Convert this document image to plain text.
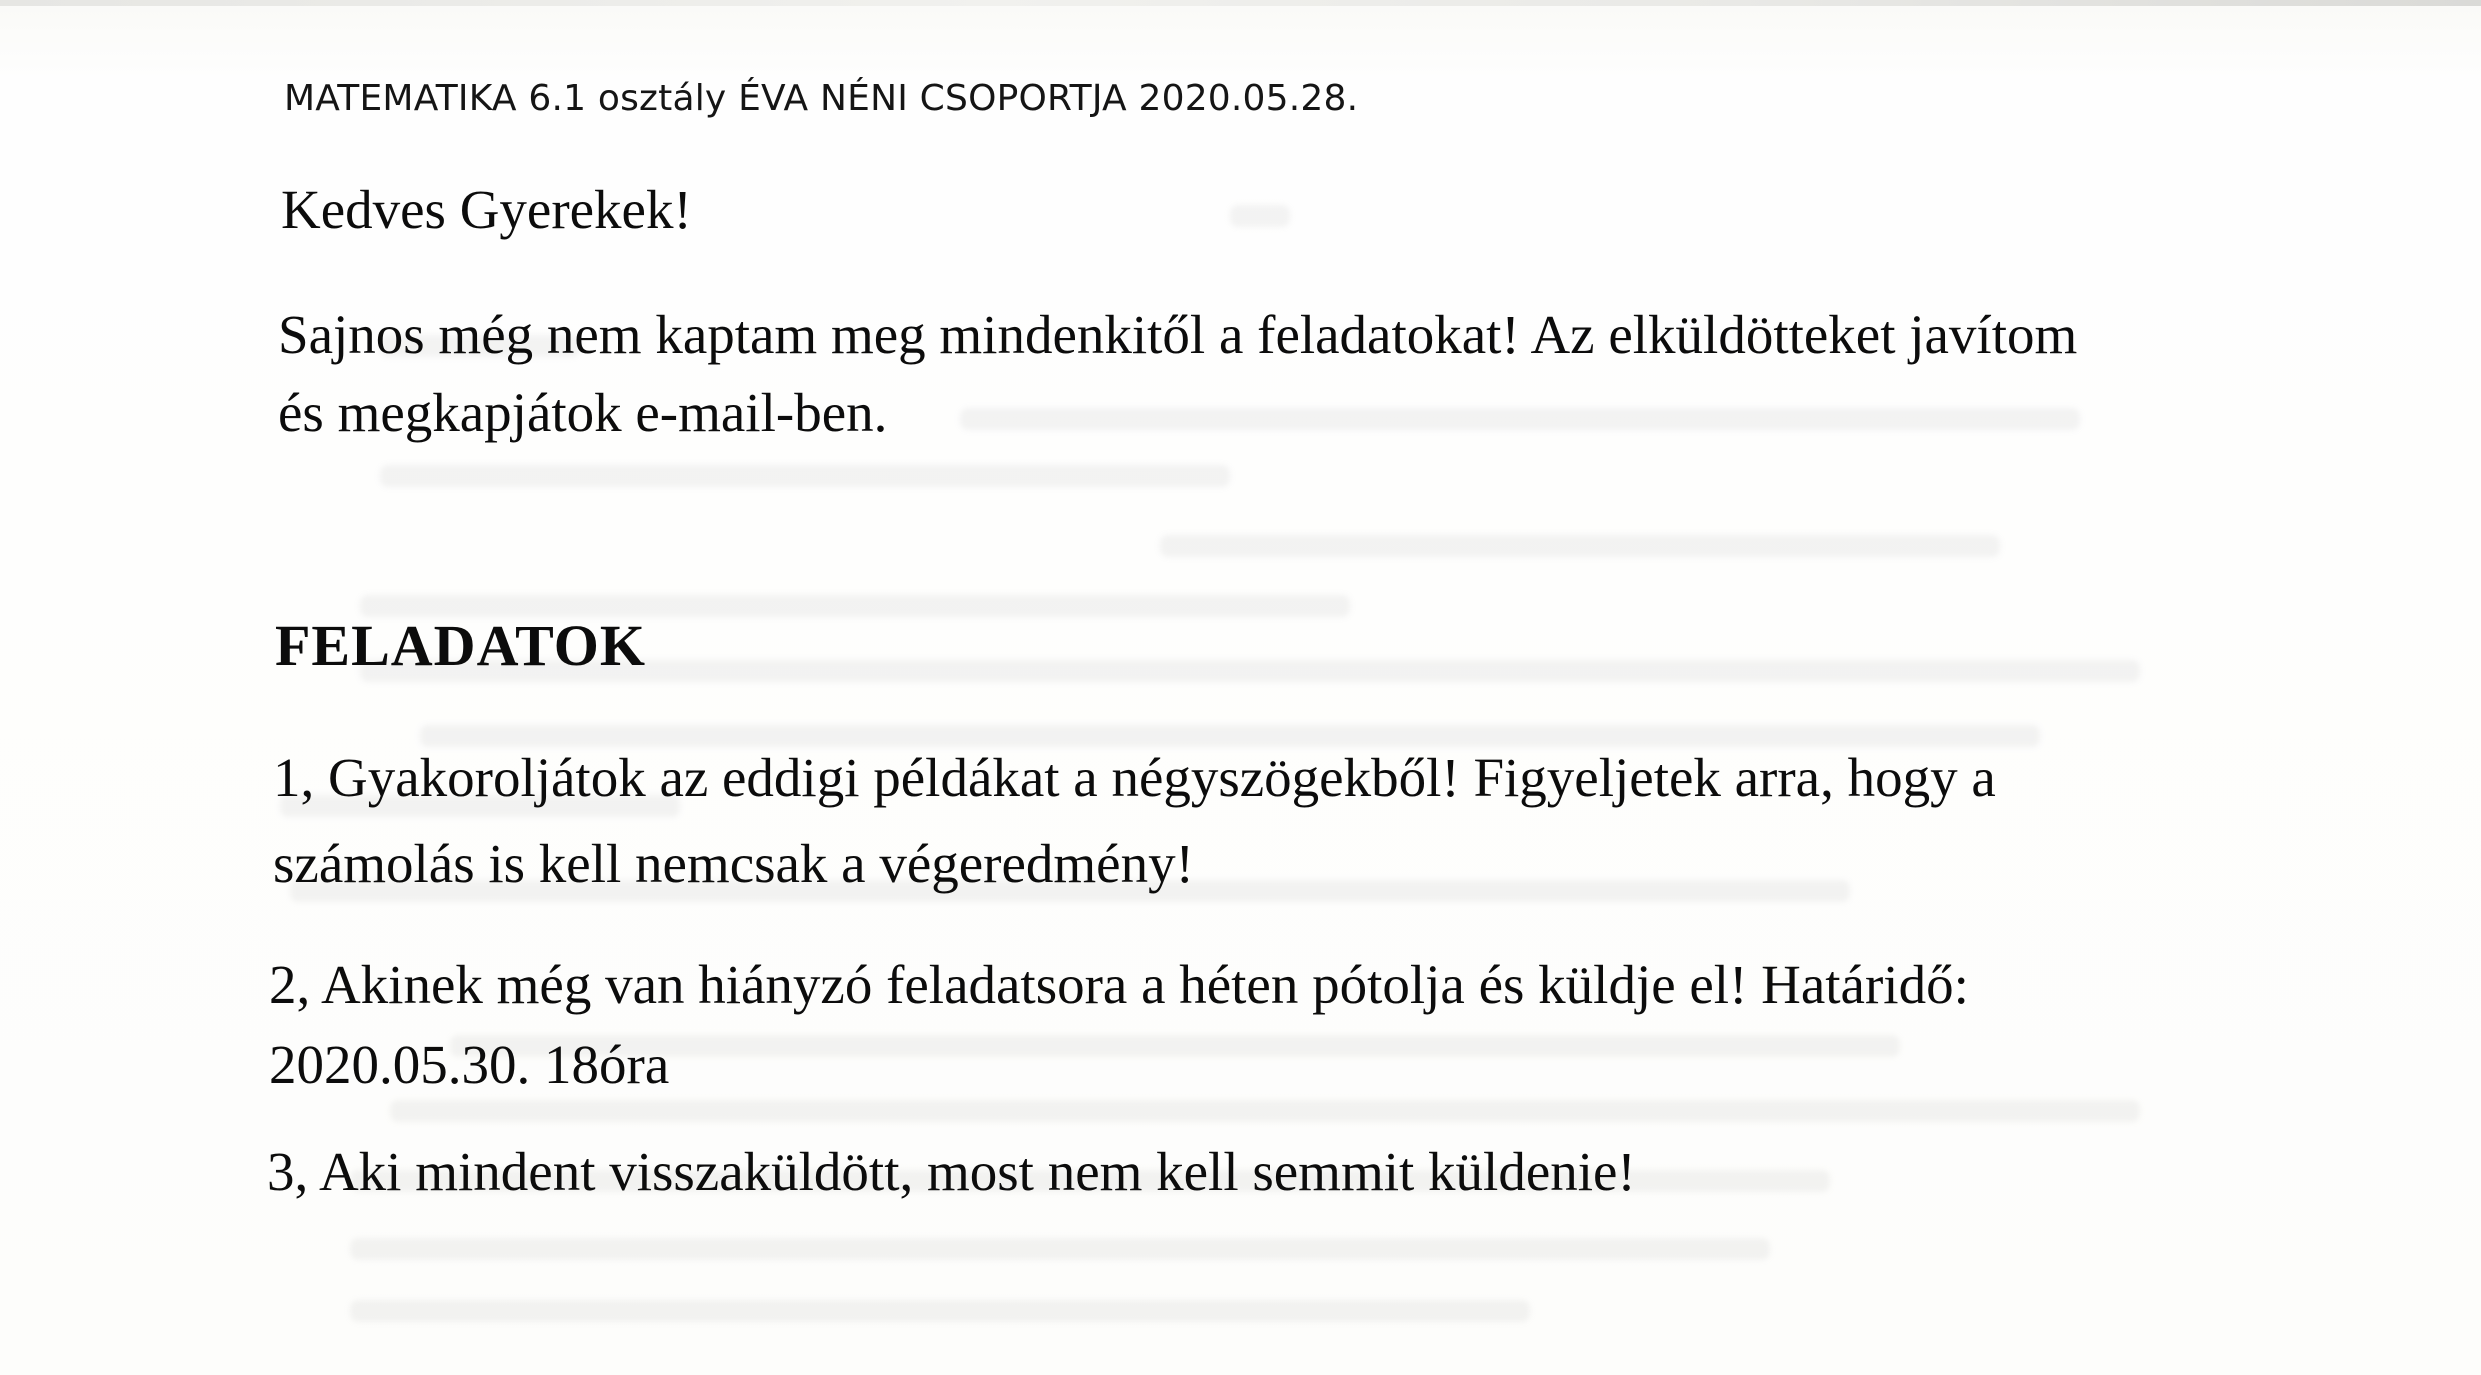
MATEMATIKA 6.1 osztály ÉVA NÉNI CSOPORTJA 2020.05.28.
Kedves Gyerekek!
Sajnos még nem kaptam meg mindenkitől a feladatokat! Az elküldötteket javítom
és megkapjátok e-mail-ben.
FELADATOK
1, Gyakoroljátok az eddigi példákat a négyszögekből! Figyeljetek arra, hogy a
számolás is kell nemcsak a végeredmény!
2, Akinek még van hiányzó feladatsora a héten pótolja és küldje el! Határidő:
2020.05.30. 18óra
3, Aki mindent visszaküldött, most nem kell semmit küldenie!
